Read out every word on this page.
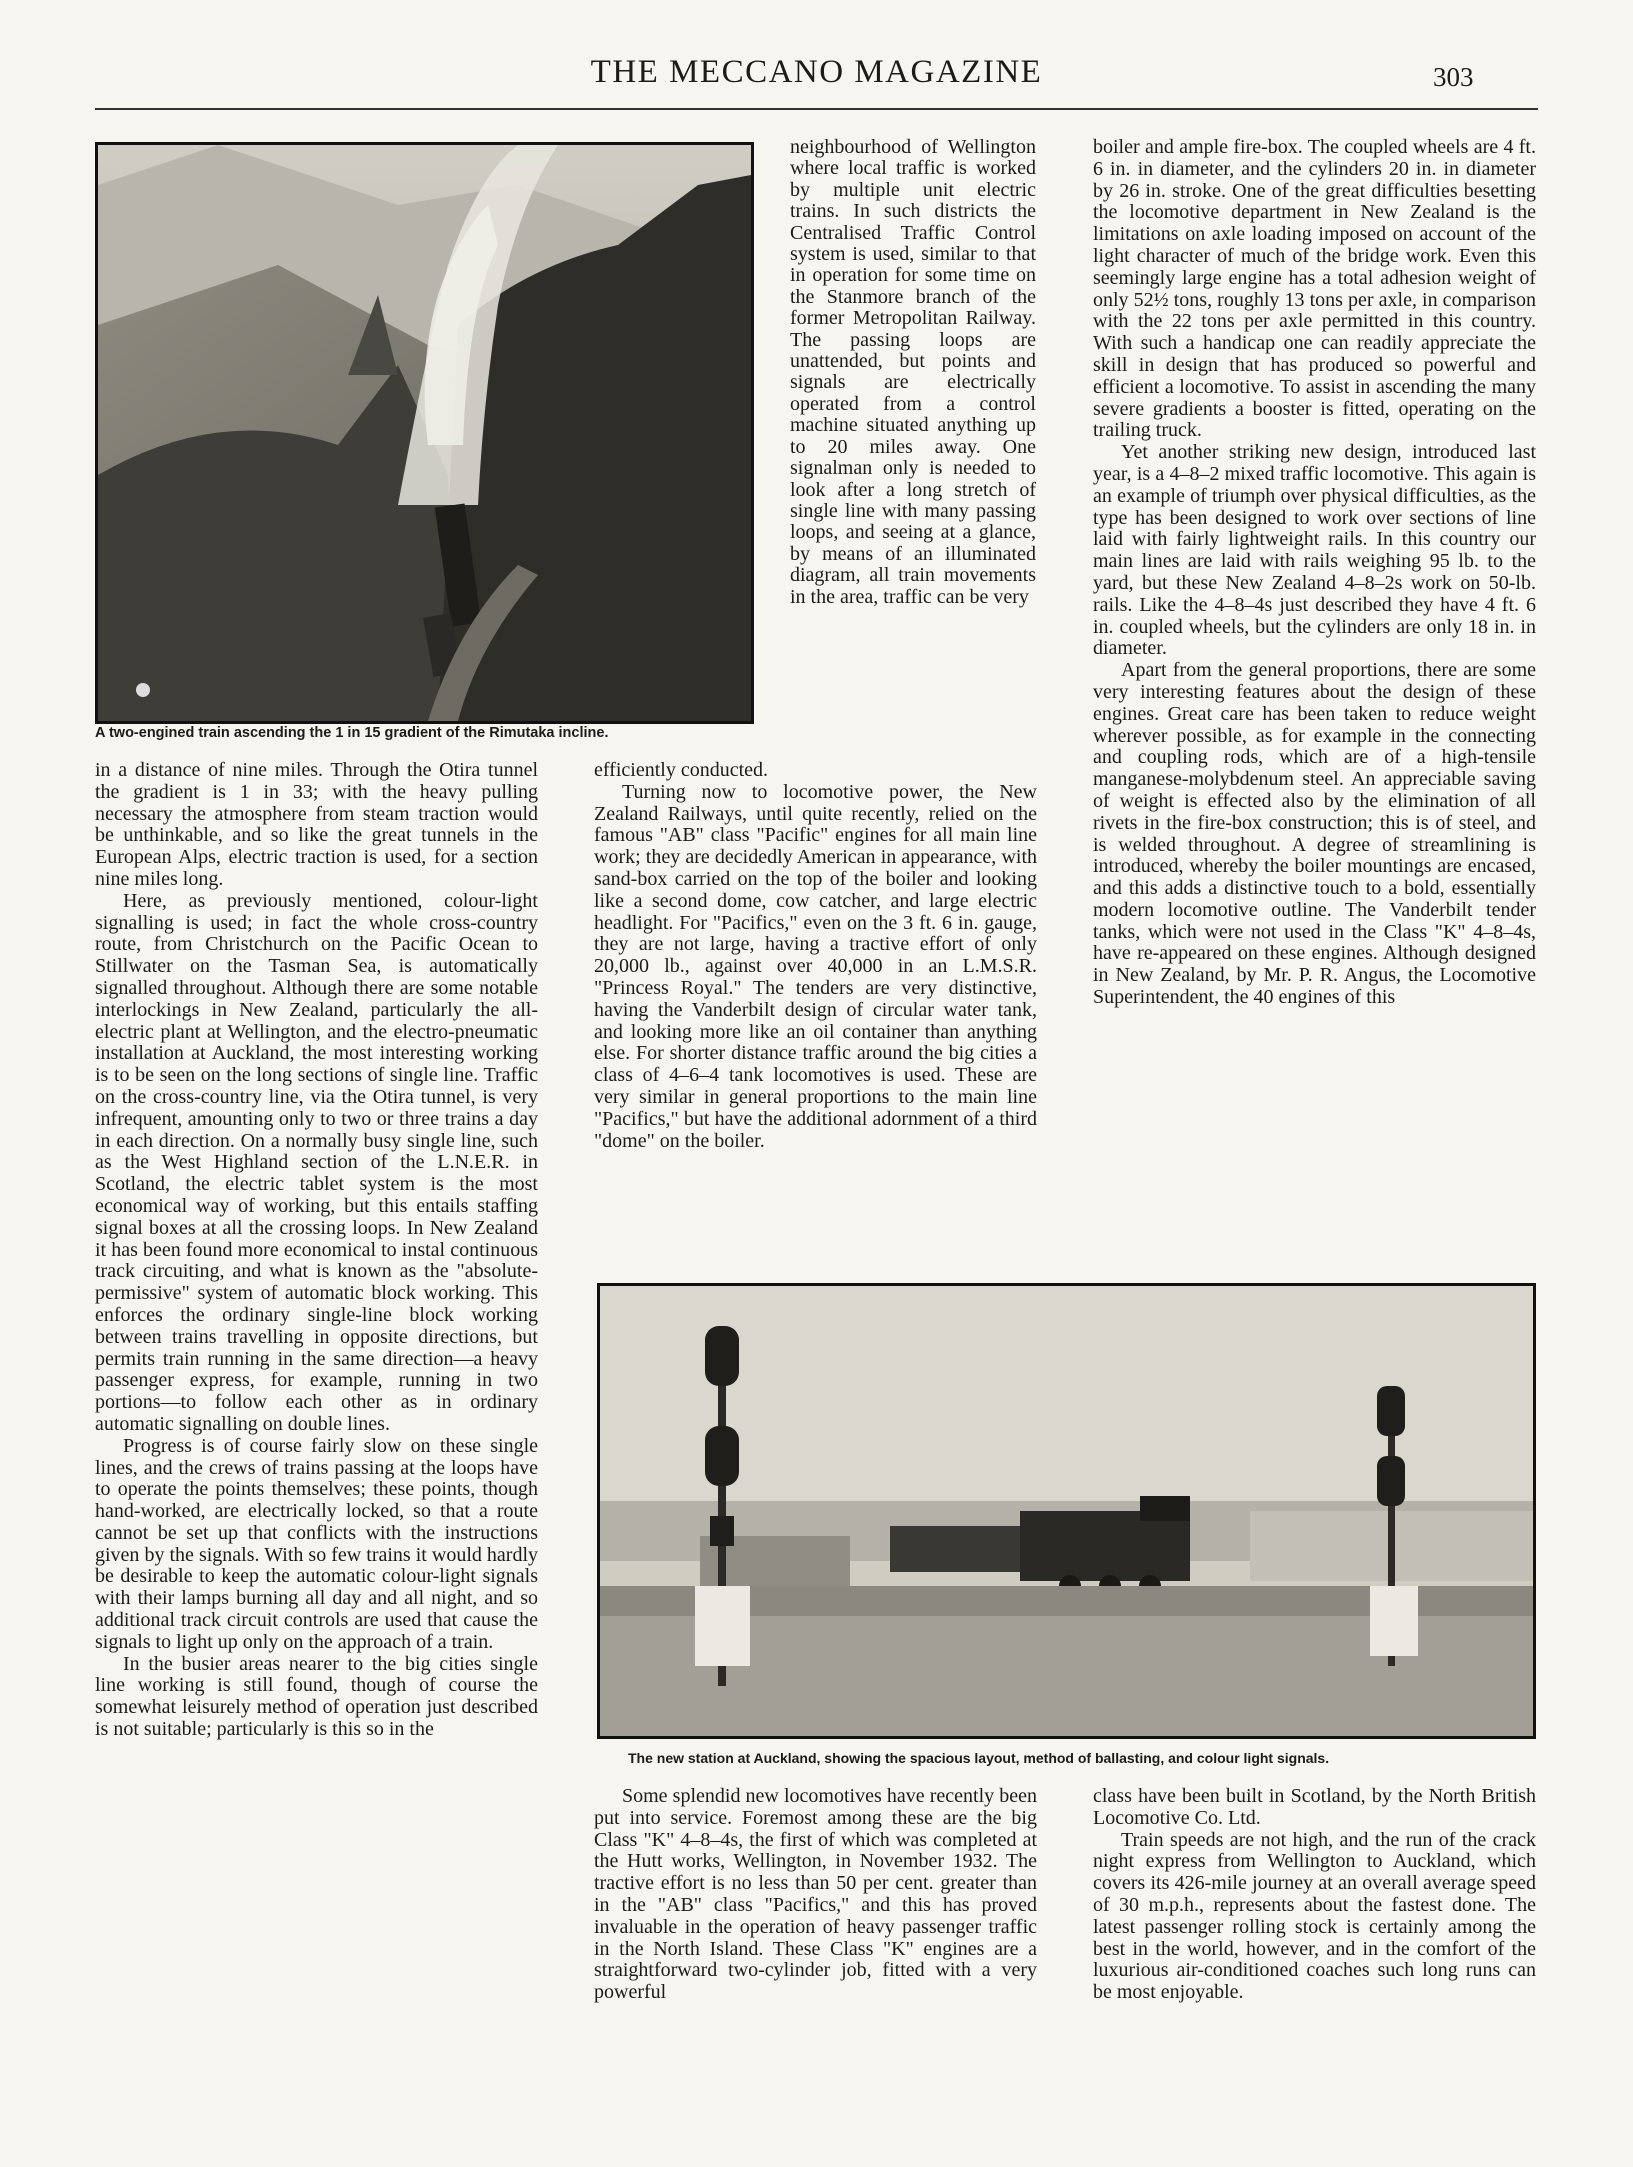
THE MECCANO MAGAZINE	303
A two-engined train ascending the 1 in 15 gradient of the Rimutaka incline.

neighbourhood of Wellington where local traffic is worked by multiple unit electric trains. In such districts the Centralised Traffic Control system is used, similar to that in operation for some time on the Stanmore branch of the former Metropolitan Railway. The passing loops are unattended, but points and signals are electrically operated from a control machine situated anything up to 20 miles away. One signalman only is needed to look after a long stretch of single line with many passing loops, and seeing at a glance, by means of an illuminated diagram, all train movements in the area, traffic can be very

in a distance of nine miles. Through the Otira tunnel the gradient is 1 in 33; with the heavy pulling necessary the atmosphere from steam traction would be unthinkable, and so like the great tunnels in the European Alps, electric traction is used, for a section nine miles long.

Here, as previously mentioned, colour-light signalling is used; in fact the whole cross-country route, from Christchurch on the Pacific Ocean to Stillwater on the Tasman Sea, is automatically signalled throughout. Although there are some notable interlockings in New Zealand, particularly the all-electric plant at Wellington, and the electro-pneumatic installation at Auckland, the most interesting working is to be seen on the long sections of single line. Traffic on the cross-country line, via the Otira tunnel, is very infrequent, amounting only to two or three trains a day in each direction. On a normally busy single line, such as the West Highland section of the L.N.E.R. in Scotland, the electric tablet system is the most economical way of working, but this entails staffing signal boxes at all the crossing loops. In New Zealand it has been found more economical to instal continuous track circuiting, and what is known as the "absolute-permissive" system of automatic block working. This enforces the ordinary single-line block working between trains travelling in opposite directions, but permits train running in the same direction—a heavy passenger express, for example, running in two portions—to follow each other as in ordinary automatic signalling on double lines.

Progress is of course fairly slow on these single lines, and the crews of trains passing at the loops have to operate the points themselves; these points, though hand-worked, are electrically locked, so that a route cannot be set up that conflicts with the instructions given by the signals. With so few trains it would hardly be desirable to keep the automatic colour-light signals with their lamps burning all day and all night, and so additional track circuit controls are used that cause the signals to light up only on the approach of a train.

In the busier areas nearer to the big cities single line working is still found, though of course the somewhat leisurely method of operation just described is not suitable; particularly is this so in the

efficiently conducted.

Turning now to locomotive power, the New Zealand Railways, until quite recently, relied on the famous "AB" class "Pacific" engines for all main line work; they are decidedly American in appearance, with sand-box carried on the top of the boiler and looking like a second dome, cow catcher, and large electric headlight. For "Pacifics," even on the 3 ft. 6 in. gauge, they are not large, having a tractive effort of only 20,000 lb., against over 40,000 in an L.M.S.R. "Princess Royal." The tenders are very distinctive, having the Vanderbilt design of circular water tank, and looking more like an oil container than anything else. For shorter distance traffic around the big cities a class of 4–6–4 tank locomotives is used. These are very similar in general proportions to the main line "Pacifics," but have the additional adornment of a third "dome" on the boiler.

boiler and ample fire-box. The coupled wheels are 4 ft. 6 in. in diameter, and the cylinders 20 in. in diameter by 26 in. stroke. One of the great difficulties besetting the locomotive department in New Zealand is the limitations on axle loading imposed on account of the light character of much of the bridge work. Even this seemingly large engine has a total adhesion weight of only 52½ tons, roughly 13 tons per axle, in comparison with the 22 tons per axle permitted in this country. With such a handicap one can readily appreciate the skill in design that has produced so powerful and efficient a locomotive. To assist in ascending the many severe gradients a booster is fitted, operating on the trailing truck.

Yet another striking new design, introduced last year, is a 4–8–2 mixed traffic locomotive. This again is an example of triumph over physical difficulties, as the type has been designed to work over sections of line laid with fairly lightweight rails. In this country our main lines are laid with rails weighing 95 lb. to the yard, but these New Zealand 4–8–2s work on 50-lb. rails. Like the 4–8–4s just described they have 4 ft. 6 in. coupled wheels, but the cylinders are only 18 in. in diameter.

Apart from the general proportions, there are some very interesting features about the design of these engines. Great care has been taken to reduce weight wherever possible, as for example in the connecting and coupling rods, which are of a high-tensile manganese-molybdenum steel. An appreciable saving of weight is effected also by the elimination of all rivets in the fire-box construction; this is of steel, and is welded throughout. A degree of streamlining is introduced, whereby the boiler mountings are encased, and this adds a distinctive touch to a bold, essentially modern locomotive outline. The Vanderbilt tender tanks, which were not used in the Class "K" 4–8–4s, have re-appeared on these engines. Although designed in New Zealand, by Mr. P. R. Angus, the Locomotive Superintendent, the 40 engines of this

The new station at Auckland, showing the spacious layout, method of ballasting, and colour light signals.

Some splendid new locomotives have recently been put into service. Foremost among these are the big Class "K" 4–8–4s, the first of which was completed at the Hutt works, Wellington, in November 1932. The tractive effort is no less than 50 per cent. greater than in the "AB" class "Pacifics," and this has proved invaluable in the operation of heavy passenger traffic in the North Island. These Class "K" engines are a straightforward two-cylinder job, fitted with a very powerful

class have been built in Scotland, by the North British Locomotive Co. Ltd.

Train speeds are not high, and the run of the crack night express from Wellington to Auckland, which covers its 426-mile journey at an overall average speed of 30 m.p.h., represents about the fastest done. The latest passenger rolling stock is certainly among the best in the world, however, and in the comfort of the luxurious air-conditioned coaches such long runs can be most enjoyable.
